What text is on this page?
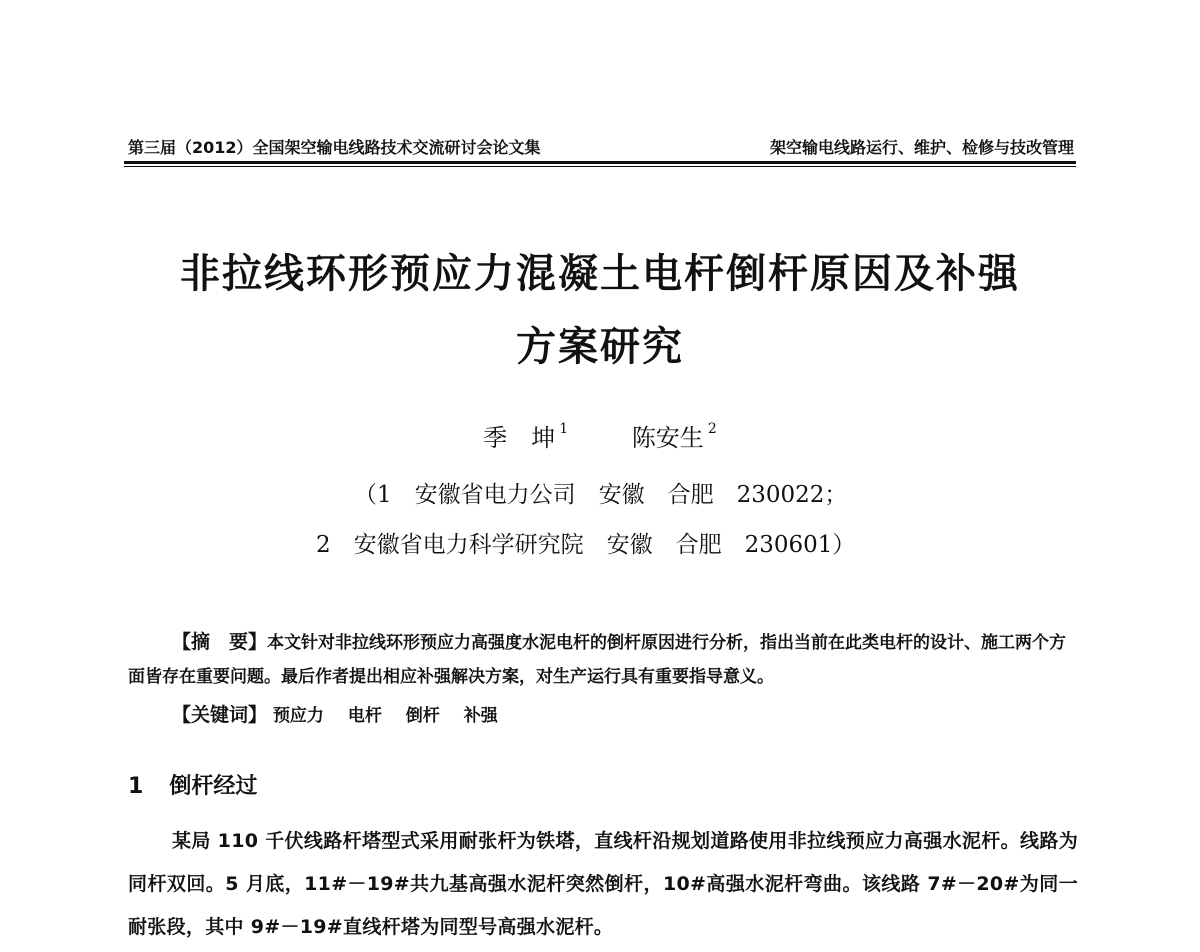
第三届（2012）全国架空输电线路技术交流研讨会论文集	架空输电线路运行、维护、检修与技改管理
非拉线环形预应力混凝土电杆倒杆原因及补强
方案研究
季　坤 $^1$	陈安生 $^2$
（1　安徽省电力公司　安徽　合肥　230022；
2　安徽省电力科学研究院　安徽　合肥　230601）
【摘　要】本文针对非拉线环形预应力高强度水泥电杆的倒杆原因进行分析，指出当前在此类电杆的设计、施工两个方面皆存在重要问题。最后作者提出相应补强解决方案，对生产运行具有重要指导意义。
【关键词】 预应力 电杆 倒杆 补强
1 倒杆经过
某局 110 千伏线路杆塔型式采用耐张杆为铁塔，直线杆沿规划道路使用非拉线预应力高强水泥杆。线路为同杆双回。5 月底，11#－19#共九基高强水泥杆突然倒杆，10#高强水泥杆弯曲。该线路 7#－20#为同一耐张段，其中 9#－19#直线杆塔为同型号高强水泥杆。
